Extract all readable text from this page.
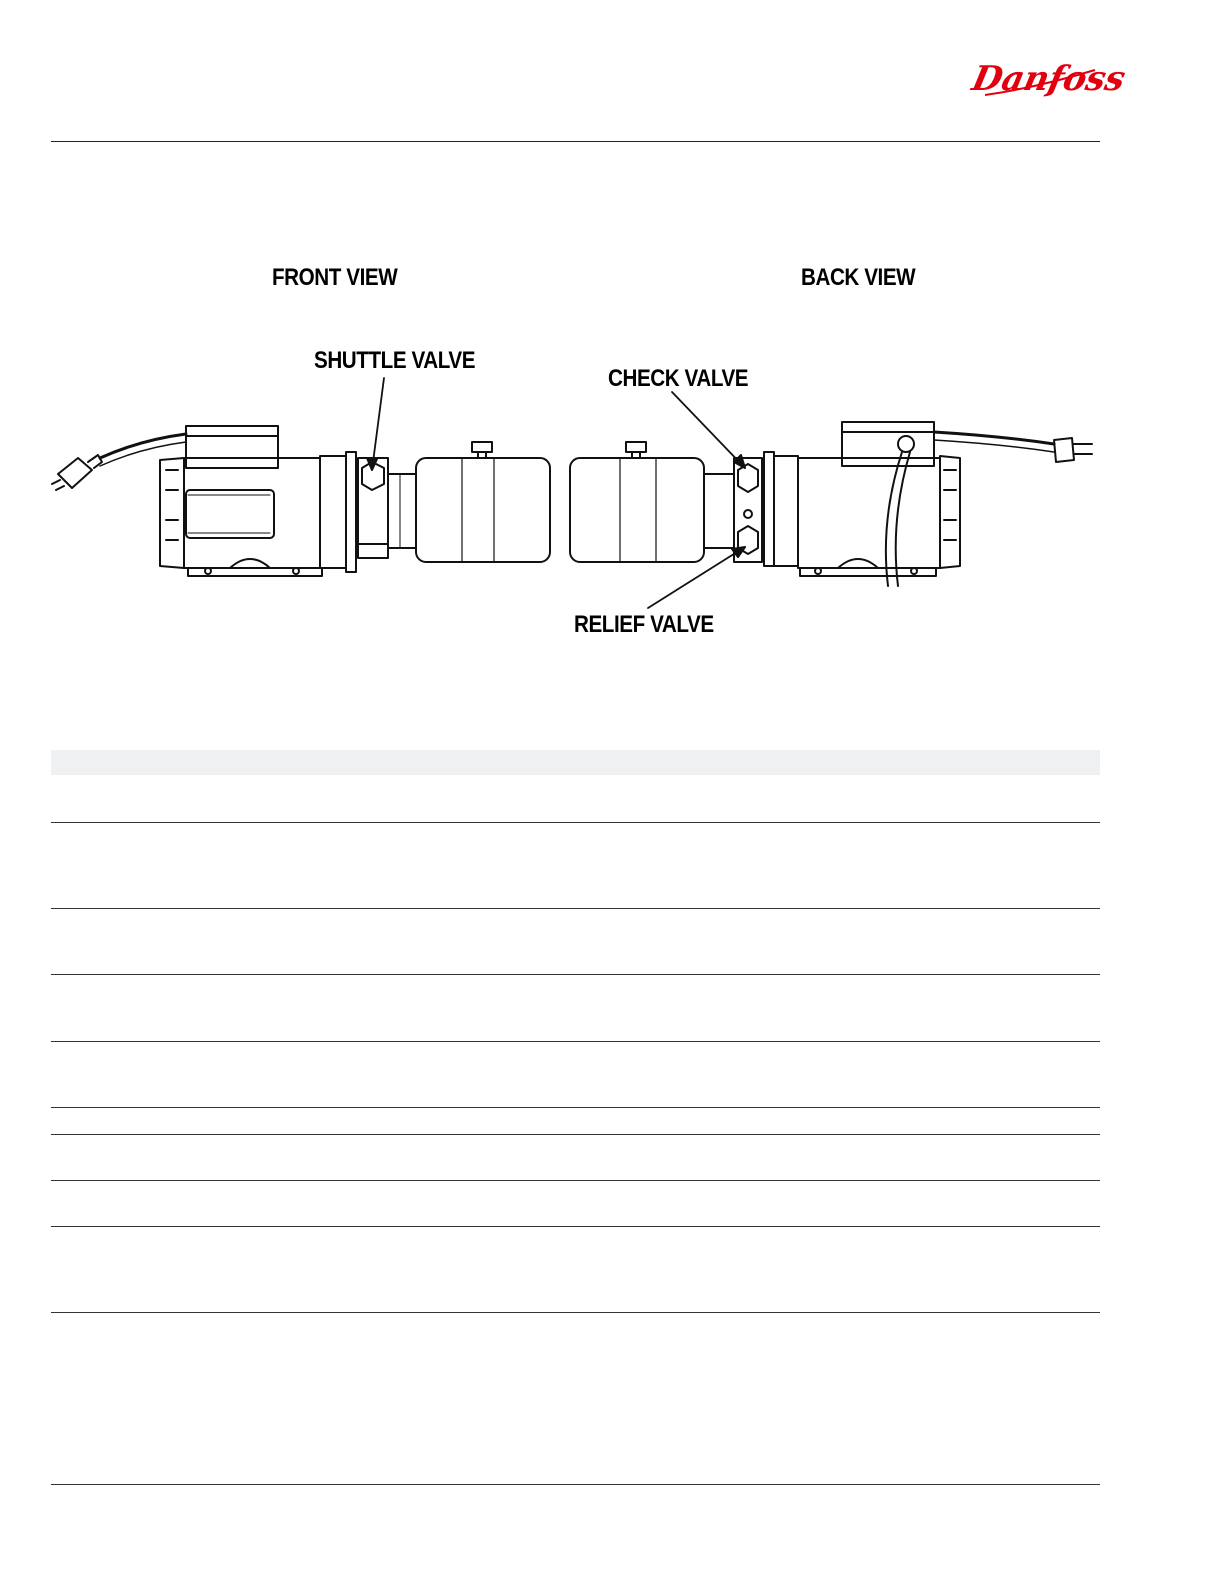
Danfoss
FRONT VIEW	BACK VIEW
SHUTTLE VALVE
CHECK VALVE
RELIEF VALVE
